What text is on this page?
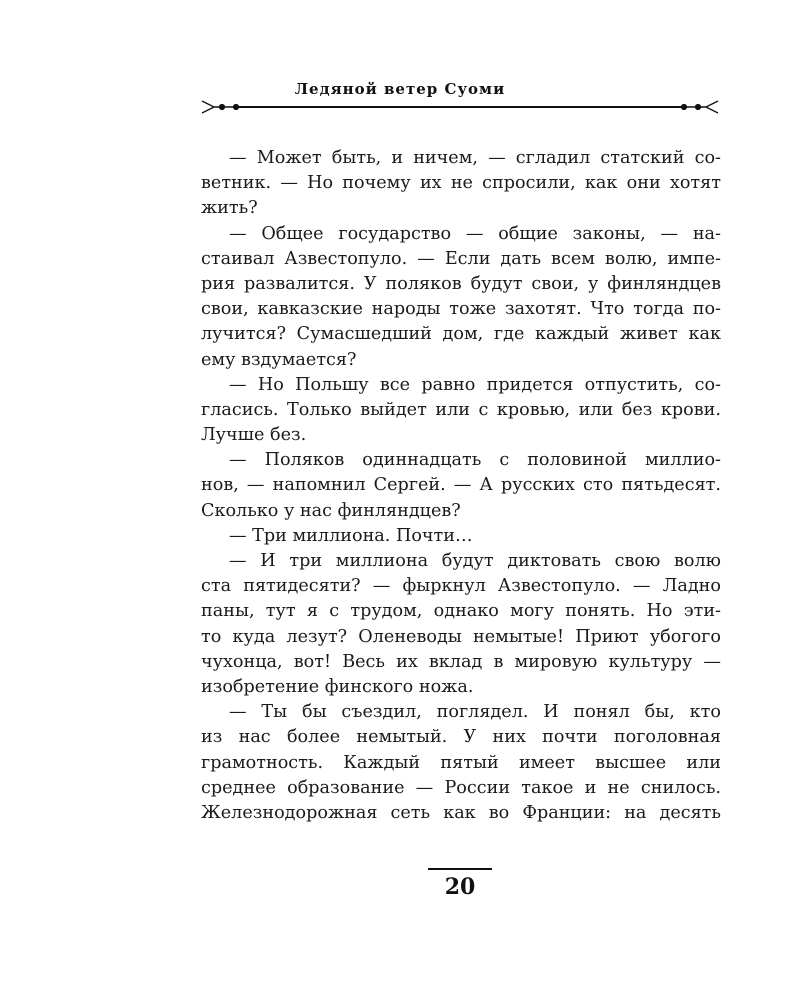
Ледяной ветер Суоми
— Может быть, и ничем, — сгладил статский со-
ветник. — Но почему их не спросили, как они хотят
жить?
— Общее государство — общие законы, — на-
стаивал Азвестопуло. — Если дать всем волю, импе-
рия развалится. У поляков будут свои, у финляндцев
свои, кавказские народы тоже захотят. Что тогда по-
лучится? Сумасшедший дом, где каждый живет как
ему вздумается?
— Но Польшу все равно придется отпустить, со-
гласись. Только выйдет или с кровью, или без крови.
Лучше без.
— Поляков одиннадцать с половиной миллио-
нов, — напомнил Сергей. — А русских сто пятьдесят.
Сколько у нас финляндцев?
— Три миллиона. Почти…
— И три миллиона будут диктовать свою волю
ста пятидесяти? — фыркнул Азвестопуло. — Ладно
паны, тут я с трудом, однако могу понять. Но эти-
то куда лезут? Оленеводы немытые! Приют убогого
чухонца, вот! Весь их вклад в мировую культуру —
изобретение финского ножа.
— Ты бы съездил, поглядел. И понял бы, кто
из нас более немытый. У них почти поголовная
грамотность. Каждый пятый имеет высшее или
среднее образование — России такое и не снилось.
Железнодорожная сеть как во Франции: на десять
20
